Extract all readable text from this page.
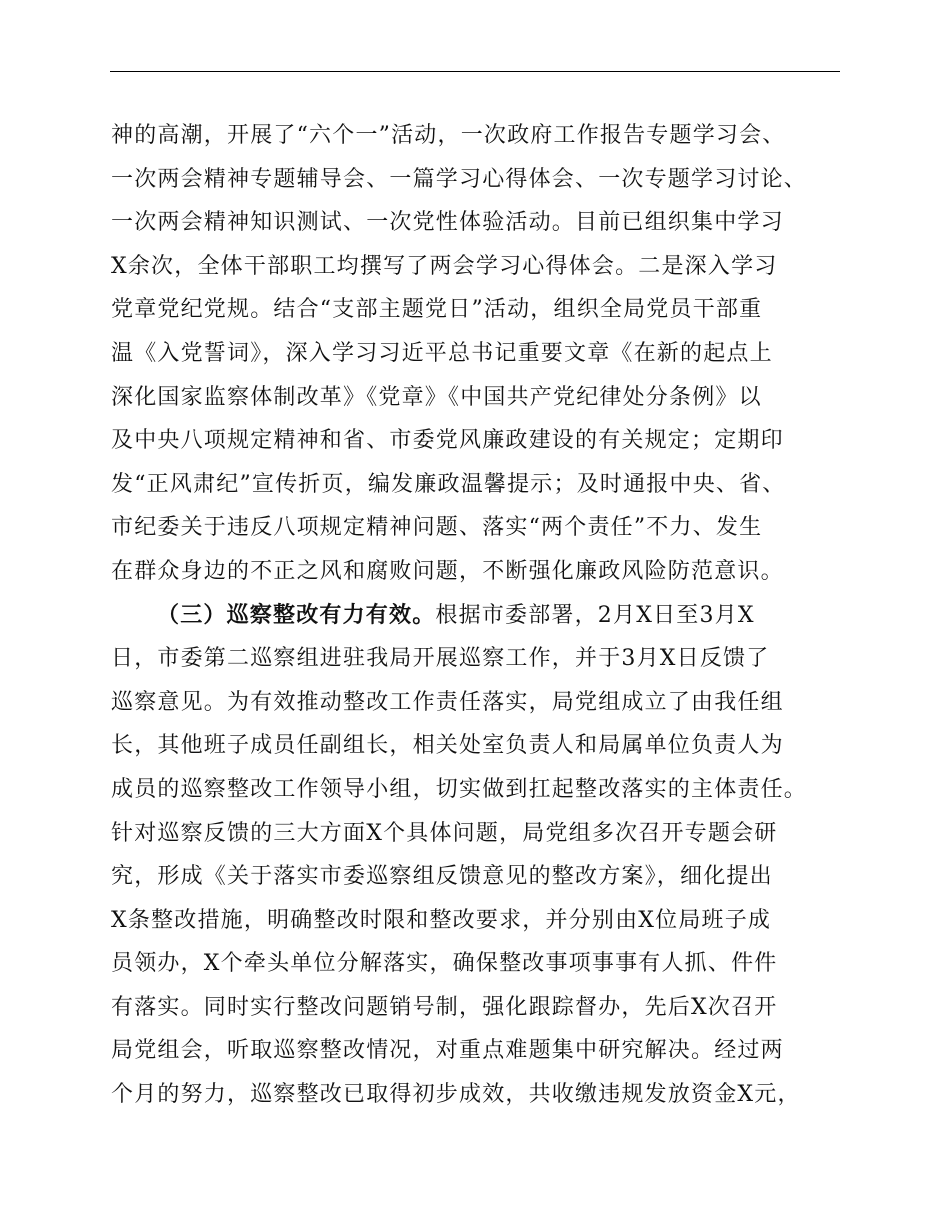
神的高潮，开展了“六个一”活动，一次政府工作报告专题学习会、
一次两会精神专题辅导会、一篇学习心得体会、一次专题学习讨论、
一次两会精神知识测试、一次党性体验活动。目前已组织集中学习
X余次，全体干部职工均撰写了两会学习心得体会。二是深入学习
党章党纪党规。结合“支部主题党日”活动，组织全局党员干部重
温《入党誓词》，深入学习习近平总书记重要文章《在新的起点上
深化国家监察体制改革》《党章》《中国共产党纪律处分条例》以
及中央八项规定精神和省、市委党风廉政建设的有关规定；定期印
发“正风肃纪”宣传折页，编发廉政温馨提示；及时通报中央、省、
市纪委关于违反八项规定精神问题、落实“两个责任”不力、发生
在群众身边的不正之风和腐败问题，不断强化廉政风险防范意识。
（三）巡察整改有力有效。根据市委部署，2月X日至3月X
日，市委第二巡察组进驻我局开展巡察工作，并于3月X日反馈了
巡察意见。为有效推动整改工作责任落实，局党组成立了由我任组
长，其他班子成员任副组长，相关处室负责人和局属单位负责人为
成员的巡察整改工作领导小组，切实做到扛起整改落实的主体责任。
针对巡察反馈的三大方面X个具体问题，局党组多次召开专题会研
究，形成《关于落实市委巡察组反馈意见的整改方案》，细化提出
X条整改措施，明确整改时限和整改要求，并分别由X位局班子成
员领办，X个牵头单位分解落实，确保整改事项事事有人抓、件件
有落实。同时实行整改问题销号制，强化跟踪督办，先后X次召开
局党组会，听取巡察整改情况，对重点难题集中研究解决。经过两
个月的努力，巡察整改已取得初步成效，共收缴违规发放资金X元，
